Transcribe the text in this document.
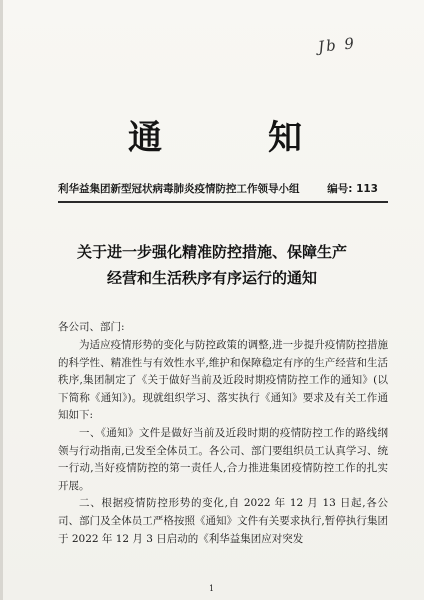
Jb 9
通	知
利华益集团新型冠状病毒肺炎疫情防控工作领导小组	编号: 113
关于进一步强化精准防控措施、保障生产
经营和生活秩序有序运行的通知
各公司、部门:

为适应疫情形势的变化与防控政策的调整,进一步提升疫情防控措施的科学性、精准性与有效性水平,维护和保障稳定有序的生产经营和生活秩序,集团制定了《关于做好当前及近段时期疫情防控工作的通知》(以下简称《通知》)。现就组织学习、落实执行《通知》要求及有关工作通知如下:

一、《通知》文件是做好当前及近段时期的疫情防控工作的路线纲领与行动指南,已发至全体员工。各公司、部门要组织员工认真学习、统一行动,当好疫情防控的第一责任人,合力推进集团疫情防控工作的扎实开展。

二、根据疫情防控形势的变化,自 2022 年 12 月 13 日起,各公司、部门及全体员工严格按照《通知》文件有关要求执行,暂停执行集团于 2022 年 12 月 3 日启动的《利华益集团应对突发

1
